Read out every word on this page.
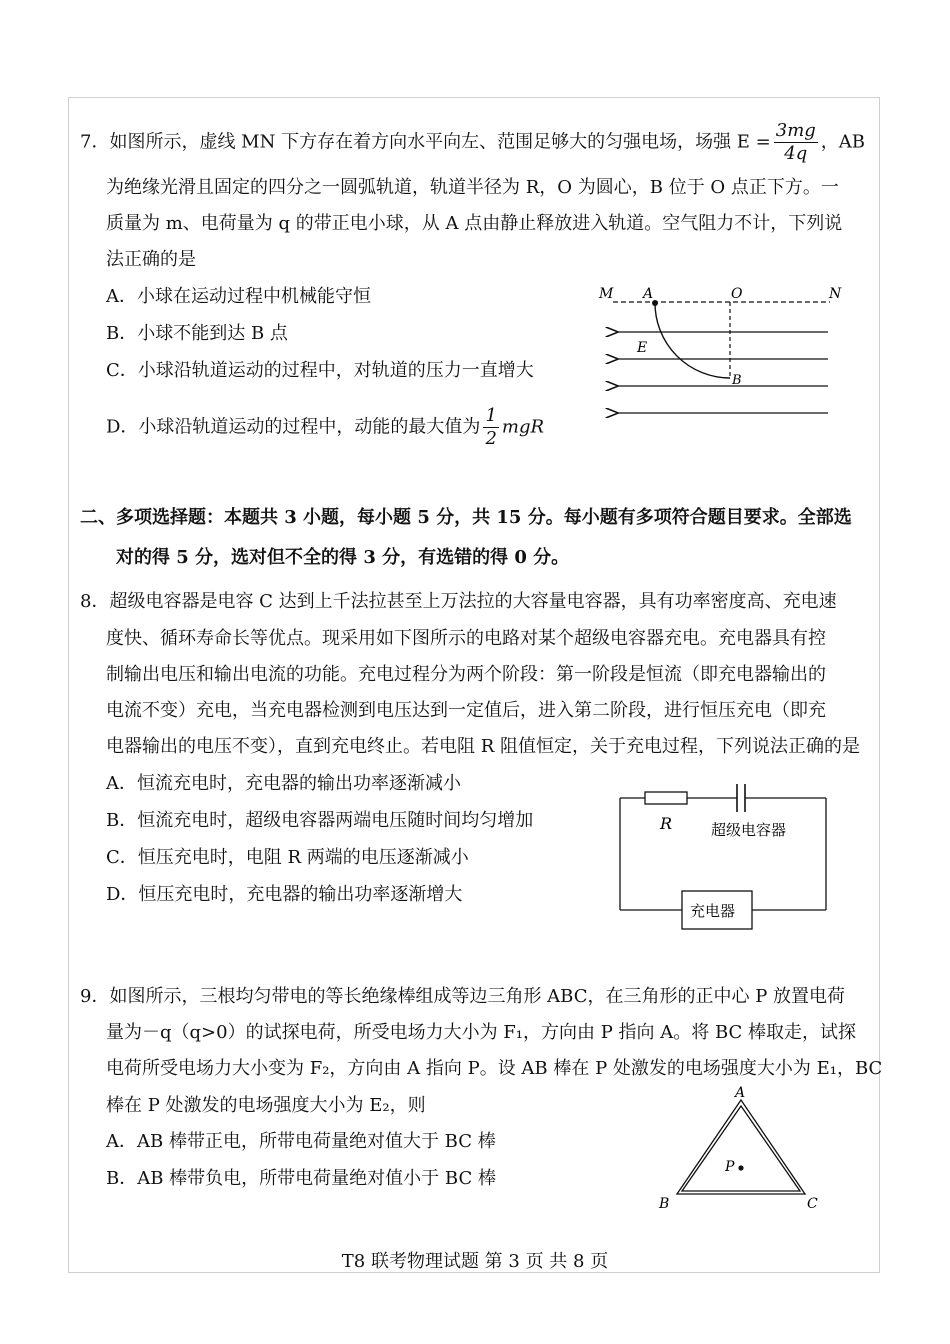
7．如图所示，虚线 MN 下方存在着方向水平向左、范围足够大的匀强电场，场强 $E = \frac{3mg}{4q}$ ，AB
为绝缘光滑且固定的四分之一圆弧轨道，轨道半径为 R，O 为圆心，B 位于 O 点正下方。一
质量为 m、电荷量为 q 的带正电小球，从 A 点由静止释放进入轨道。空气阻力不计，下列说
法正确的是
A．小球在运动过程中机械能守恒
B．小球不能到达 B 点
C．小球沿轨道运动的过程中，对轨道的压力一直增大
D．小球沿轨道运动的过程中，动能的最大值为 $\frac{1}{2}$ mgR
M A	O	N
E
B
二、多项选择题：本题共 3 小题，每小题 5 分，共 15 分。每小题有多项符合题目要求。全部选
对的得 5 分，选对但不全的得 3 分，有选错的得 0 分。
8．超级电容器是电容 C 达到上千法拉甚至上万法拉的大容量电容器，具有功率密度高、充电速
度快、循环寿命长等优点。现采用如下图所示的电路对某个超级电容器充电。充电器具有控
制输出电压和输出电流的功能。充电过程分为两个阶段：第一阶段是恒流（即充电器输出的
电流不变）充电，当充电器检测到电压达到一定值后，进入第二阶段，进行恒压充电（即充
电器输出的电压不变），直到充电终止。若电阻 R 阻值恒定，关于充电过程，下列说法正确的是
A．恒流充电时，充电器的输出功率逐渐减小
B．恒流充电时，超级电容器两端电压随时间均匀增加
C．恒压充电时，电阻 R 两端的电压逐渐减小
D．恒压充电时，充电器的输出功率逐渐增大
R	超级电容器
充电器
9．如图所示，三根均匀带电的等长绝缘棒组成等边三角形 ABC，在三角形的正中心 P 放置电荷
量为－q（q>0）的试探电荷，所受电场力大小为 F₁，方向由 P 指向 A。将 BC 棒取走，试探
电荷所受电场力大小变为 F₂，方向由 A 指向 P。设 AB 棒在 P 处激发的电场强度大小为 E₁，BC
棒在 P 处激发的电场强度大小为 E₂，则
A．AB 棒带正电，所带电荷量绝对值大于 BC 棒
B．AB 棒带负电，所带电荷量绝对值小于 BC 棒
A
B	C
P
T8 联考物理试题 第 3 页 共 8 页
